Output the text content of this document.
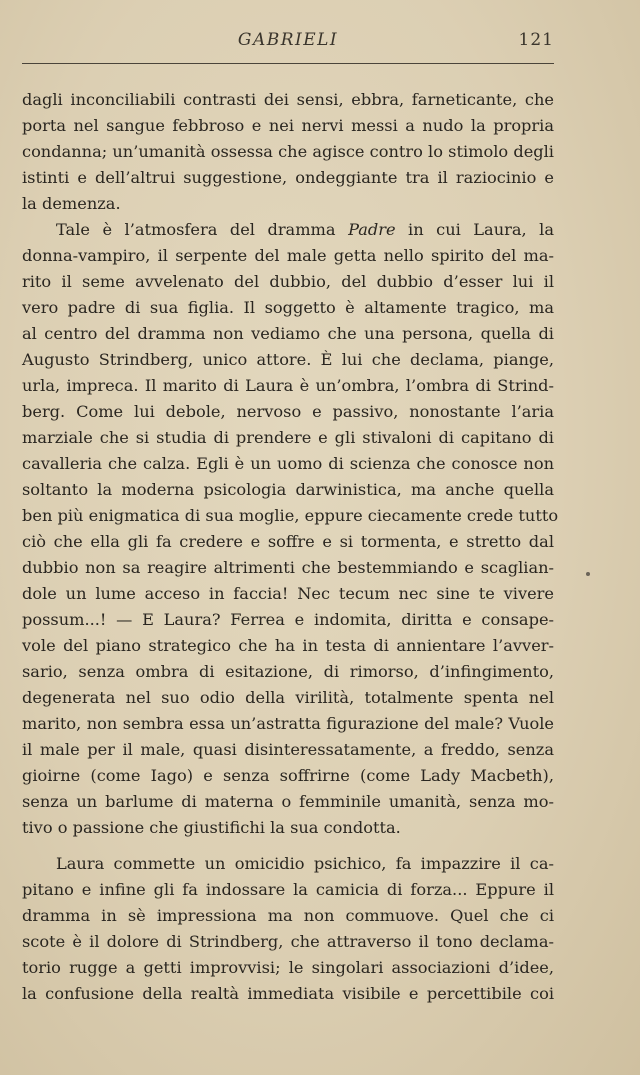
GABRIELI	121
dagli inconciliabili contrasti dei sensi, ebbra, farneticante, che
porta nel sangue febbroso e nei nervi messi a nudo la propria
condanna; un’umanità ossessa che agisce contro lo stimolo degli
istinti e dell’altrui suggestione, ondeggiante tra il raziocinio e
la demenza.
Tale è l’atmosfera del dramma Padre in cui Laura, la
donna-vampiro, il serpente del male getta nello spirito del ma-
rito il seme avvelenato del dubbio, del dubbio d’esser lui il
vero padre di sua figlia. Il soggetto è altamente tragico, ma
al centro del dramma non vediamo che una persona, quella di
Augusto Strindberg, unico attore. È lui che declama, piange,
urla, impreca. Il marito di Laura è un’ombra, l’ombra di Strind-
berg. Come lui debole, nervoso e passivo, nonostante l’aria
marziale che si studia di prendere e gli stivaloni di capitano di
cavalleria che calza. Egli è un uomo di scienza che conosce non
soltanto la moderna psicologia darwinistica, ma anche quella
ben più enigmatica di sua moglie, eppure ciecamente crede tutto
ciò che ella gli fa credere e soffre e si tormenta, e stretto dal
dubbio non sa reagire altrimenti che bestemmiando e scaglian-
dole un lume acceso in faccia! Nec tecum nec sine te vivere
possum...! — E Laura? Ferrea e indomita, diritta e consape-
vole del piano strategico che ha in testa di annientare l’avver-
sario, senza ombra di esitazione, di rimorso, d’infingimento,
degenerata nel suo odio della virilità, totalmente spenta nel
marito, non sembra essa un’astratta figurazione del male? Vuole
il male per il male, quasi disinteressatamente, a freddo, senza
gioirne (come Iago) e senza soffrirne (come Lady Macbeth),
senza un barlume di materna o femminile umanità, senza mo-
tivo o passione che giustifichi la sua condotta.
Laura commette un omicidio psichico, fa impazzire il ca-
pitano e infine gli fa indossare la camicia di forza... Eppure il
dramma in sè impressiona ma non commuove. Quel che ci
scote è il dolore di Strindberg, che attraverso il tono declama-
torio rugge a getti improvvisi; le singolari associazioni d’idee,
la confusione della realtà immediata visibile e percettibile coi
